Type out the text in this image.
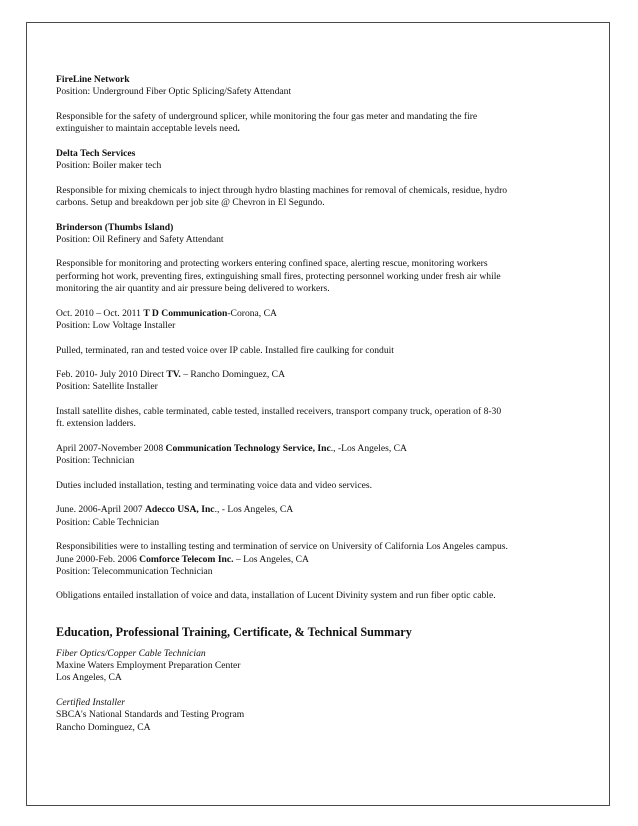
FireLine Network
Position: Underground Fiber Optic Splicing/Safety Attendant
Responsible for the safety of underground splicer, while monitoring the four gas meter and mandating the fire
extinguisher to maintain acceptable levels need.
Delta Tech Services
Position: Boiler maker tech
Responsible for mixing chemicals to inject through hydro blasting machines for removal of chemicals, residue, hydro
carbons. Setup and breakdown per job site @ Chevron in El Segundo.
Brinderson (Thumbs Island)
Position: Oil Refinery and Safety Attendant
Responsible for monitoring and protecting workers entering confined space, alerting rescue, monitoring workers
performing hot work, preventing fires, extinguishing small fires, protecting personnel working under fresh air while
monitoring the air quantity and air pressure being delivered to workers.
Oct. 2010 – Oct. 2011 T D Communication-Corona, CA
Position: Low Voltage Installer
Pulled, terminated, ran and tested voice over IP cable. Installed fire caulking for conduit
Feb. 2010- July 2010 Direct TV. – Rancho Dominguez, CA
Position: Satellite Installer
Install satellite dishes, cable terminated, cable tested, installed receivers, transport company truck, operation of 8-30
ft. extension ladders.
April 2007-November 2008 Communication Technology Service, Inc., -Los Angeles, CA
Position: Technician
Duties included installation, testing and terminating voice data and video services.
June. 2006-April 2007 Adecco USA, Inc., - Los Angeles, CA
Position: Cable Technician
Responsibilities were to installing testing and termination of service on University of California Los Angeles campus.
June 2000-Feb. 2006 Comforce Telecom Inc. – Los Angeles, CA
Position: Telecommunication Technician
Obligations entailed installation of voice and data, installation of Lucent Divinity system and run fiber optic cable.
Education, Professional Training, Certificate, & Technical Summary
Fiber Optics/Copper Cable Technician
Maxine Waters Employment Preparation Center
Los Angeles, CA
Certified Installer
SBCA's National Standards and Testing Program
Rancho Dominguez, CA
